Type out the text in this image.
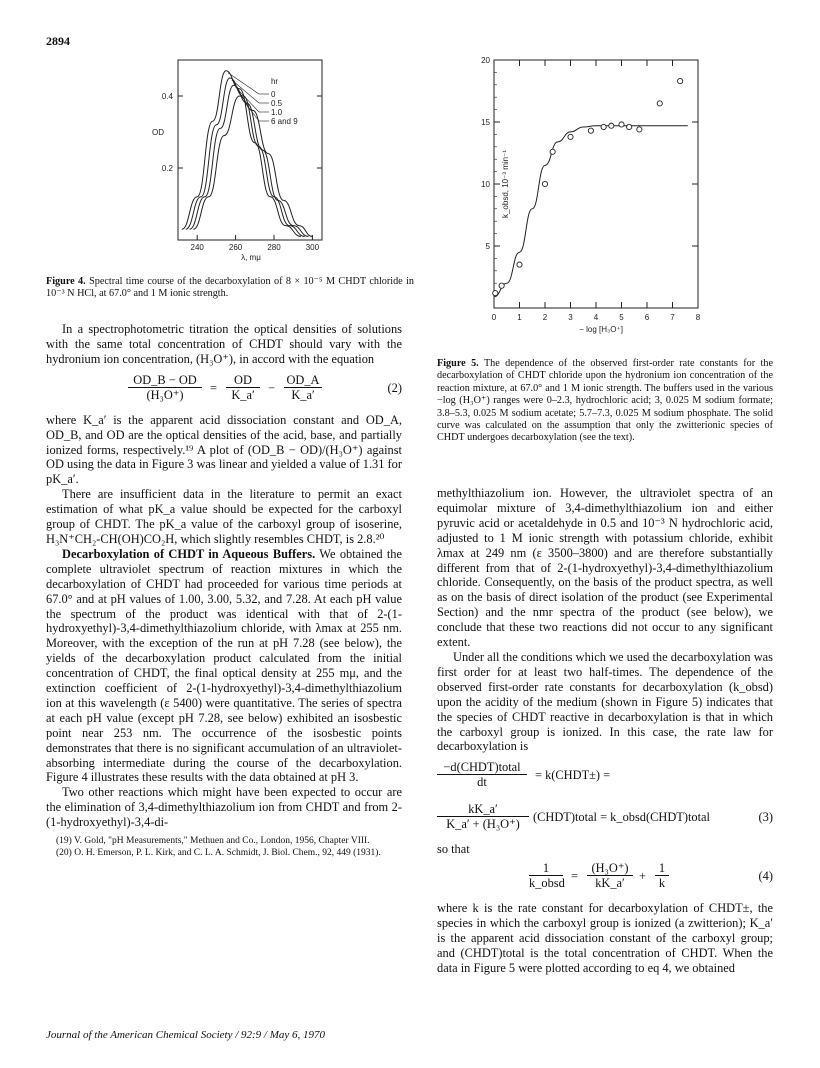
2894
0.4
0.2
OD
240	260	280	300
λ, mμ
hr
0
0.5
1.0
6 and 9
Figure 4. Spectral time course of the decarboxylation of 8 × 10⁻⁵ M CHDT chloride in 10⁻³ N HCl, at 67.0° and 1 M ionic strength.
20
15
10
5
k_obsd, 10⁻³ min⁻¹
0	1	2	3	4	5	6	7	8
− log [H₃O⁺]
Figure 5. The dependence of the observed first-order rate constants for the decarboxylation of CHDT chloride upon the hydronium ion concentration of the reaction mixture, at 67.0° and 1 M ionic strength. The buffers used in the various −log (H₃O⁺) ranges were 0–2.3, hydrochloric acid; 3, 0.025 M sodium formate; 3.8–5.3, 0.025 M sodium acetate; 5.7–7.3, 0.025 M sodium phosphate. The solid curve was calculated on the assumption that only the zwitterionic species of CHDT undergoes decarboxylation (see the text).

In a spectrophotometric titration the optical densities of solutions with the same total concentration of CHDT should vary with the hydronium ion concentration, (H₃O⁺), in accord with the equation

$\frac{OD\_B - OD}{\text{(H₃O⁺)}} = \frac{OD}{K\_a'} - \frac{OD\_A}{K\_a'}$	(2)

where K_a′ is the apparent acid dissociation constant and OD_A, OD_B, and OD are the optical densities of the acid, base, and partially ionized forms, respectively.¹⁹ A plot of (OD_B − OD)/(H₃O⁺) against OD using the data in Figure 3 was linear and yielded a value of 1.31 for pK_a′.

There are insufficient data in the literature to permit an exact estimation of what pK_a value should be expected for the carboxyl group of CHDT. The pK_a value of the carboxyl group of isoserine, H₃N⁺CH₂-CH(OH)CO₂H, which slightly resembles CHDT, is 2.8.²⁰

Decarboxylation of CHDT in Aqueous Buffers. We obtained the complete ultraviolet spectrum of reaction mixtures in which the decarboxylation of CHDT had proceeded for various time periods at 67.0° and at pH values of 1.00, 3.00, 5.32, and 7.28. At each pH value the spectrum of the product was identical with that of 2-(1-hydroxyethyl)-3,4-dimethylthiazolium chloride, with λmax at 255 nm. Moreover, with the exception of the run at pH 7.28 (see below), the yields of the decarboxylation product calculated from the initial concentration of CHDT, the final optical density at 255 mμ, and the extinction coefficient of 2-(1-hydroxyethyl)-3,4-dimethylthiazolium ion at this wavelength (ε 5400) were quantitative. The series of spectra at each pH value (except pH 7.28, see below) exhibited an isosbestic point near 253 nm. The occurrence of the isosbestic points demonstrates that there is no significant accumulation of an ultraviolet-absorbing intermediate during the course of the decarboxylation. Figure 4 illustrates these results with the data obtained at pH 3.

Two other reactions which might have been expected to occur are the elimination of 3,4-dimethylthiazolium ion from CHDT and from 2-(1-hydroxyethyl)-3,4-di-

(19) V. Gold, "pH Measurements," Methuen and Co., London, 1956, Chapter VIII.

(20) O. H. Emerson, P. L. Kirk, and C. L. A. Schmidt, J. Biol. Chem., 92, 449 (1931).

methylthiazolium ion. However, the ultraviolet spectra of an equimolar mixture of 3,4-dimethylthiazolium ion and either pyruvic acid or acetaldehyde in 0.5 and 10⁻³ N hydrochloric acid, adjusted to 1 M ionic strength with potassium chloride, exhibit λmax at 249 nm (ε 3500–3800) and are therefore substantially different from that of 2-(1-hydroxyethyl)-3,4-dimethylthiazolium chloride. Consequently, on the basis of the product spectra, as well as on the basis of direct isolation of the product (see Experimental Section) and the nmr spectra of the product (see below), we conclude that these two reactions did not occur to any significant extent.

Under all the conditions which we used the decarboxylation was first order for at least two half-times. The dependence of the observed first-order rate constants for decarboxylation (k_obsd) upon the acidity of the medium (shown in Figure 5) indicates that the species of CHDT reactive in decarboxylation is that in which the carboxyl group is ionized. In this case, the rate law for decarboxylation is

−d(CHDT)total
dt	= k(CHDT±) =
$\frac{kK\_a'}{\text{K\_a′ + (H₃O⁺)}}$ (CHDT)total = k_obsd(CHDT)total	(3)

so that

1
k_obsd = $\frac{\text{(H₃O⁺)}}{kK\_a'} + \frac{1}{k}$	(4)

where k is the rate constant for decarboxylation of CHDT±, the species in which the carboxyl group is ionized (a zwitterion); K_a′ is the apparent acid dissociation constant of the carboxyl group; and (CHDT)total is the total concentration of CHDT. When the data in Figure 5 were plotted according to eq 4, we obtained

Journal of the American Chemical Society / 92:9 / May 6, 1970
